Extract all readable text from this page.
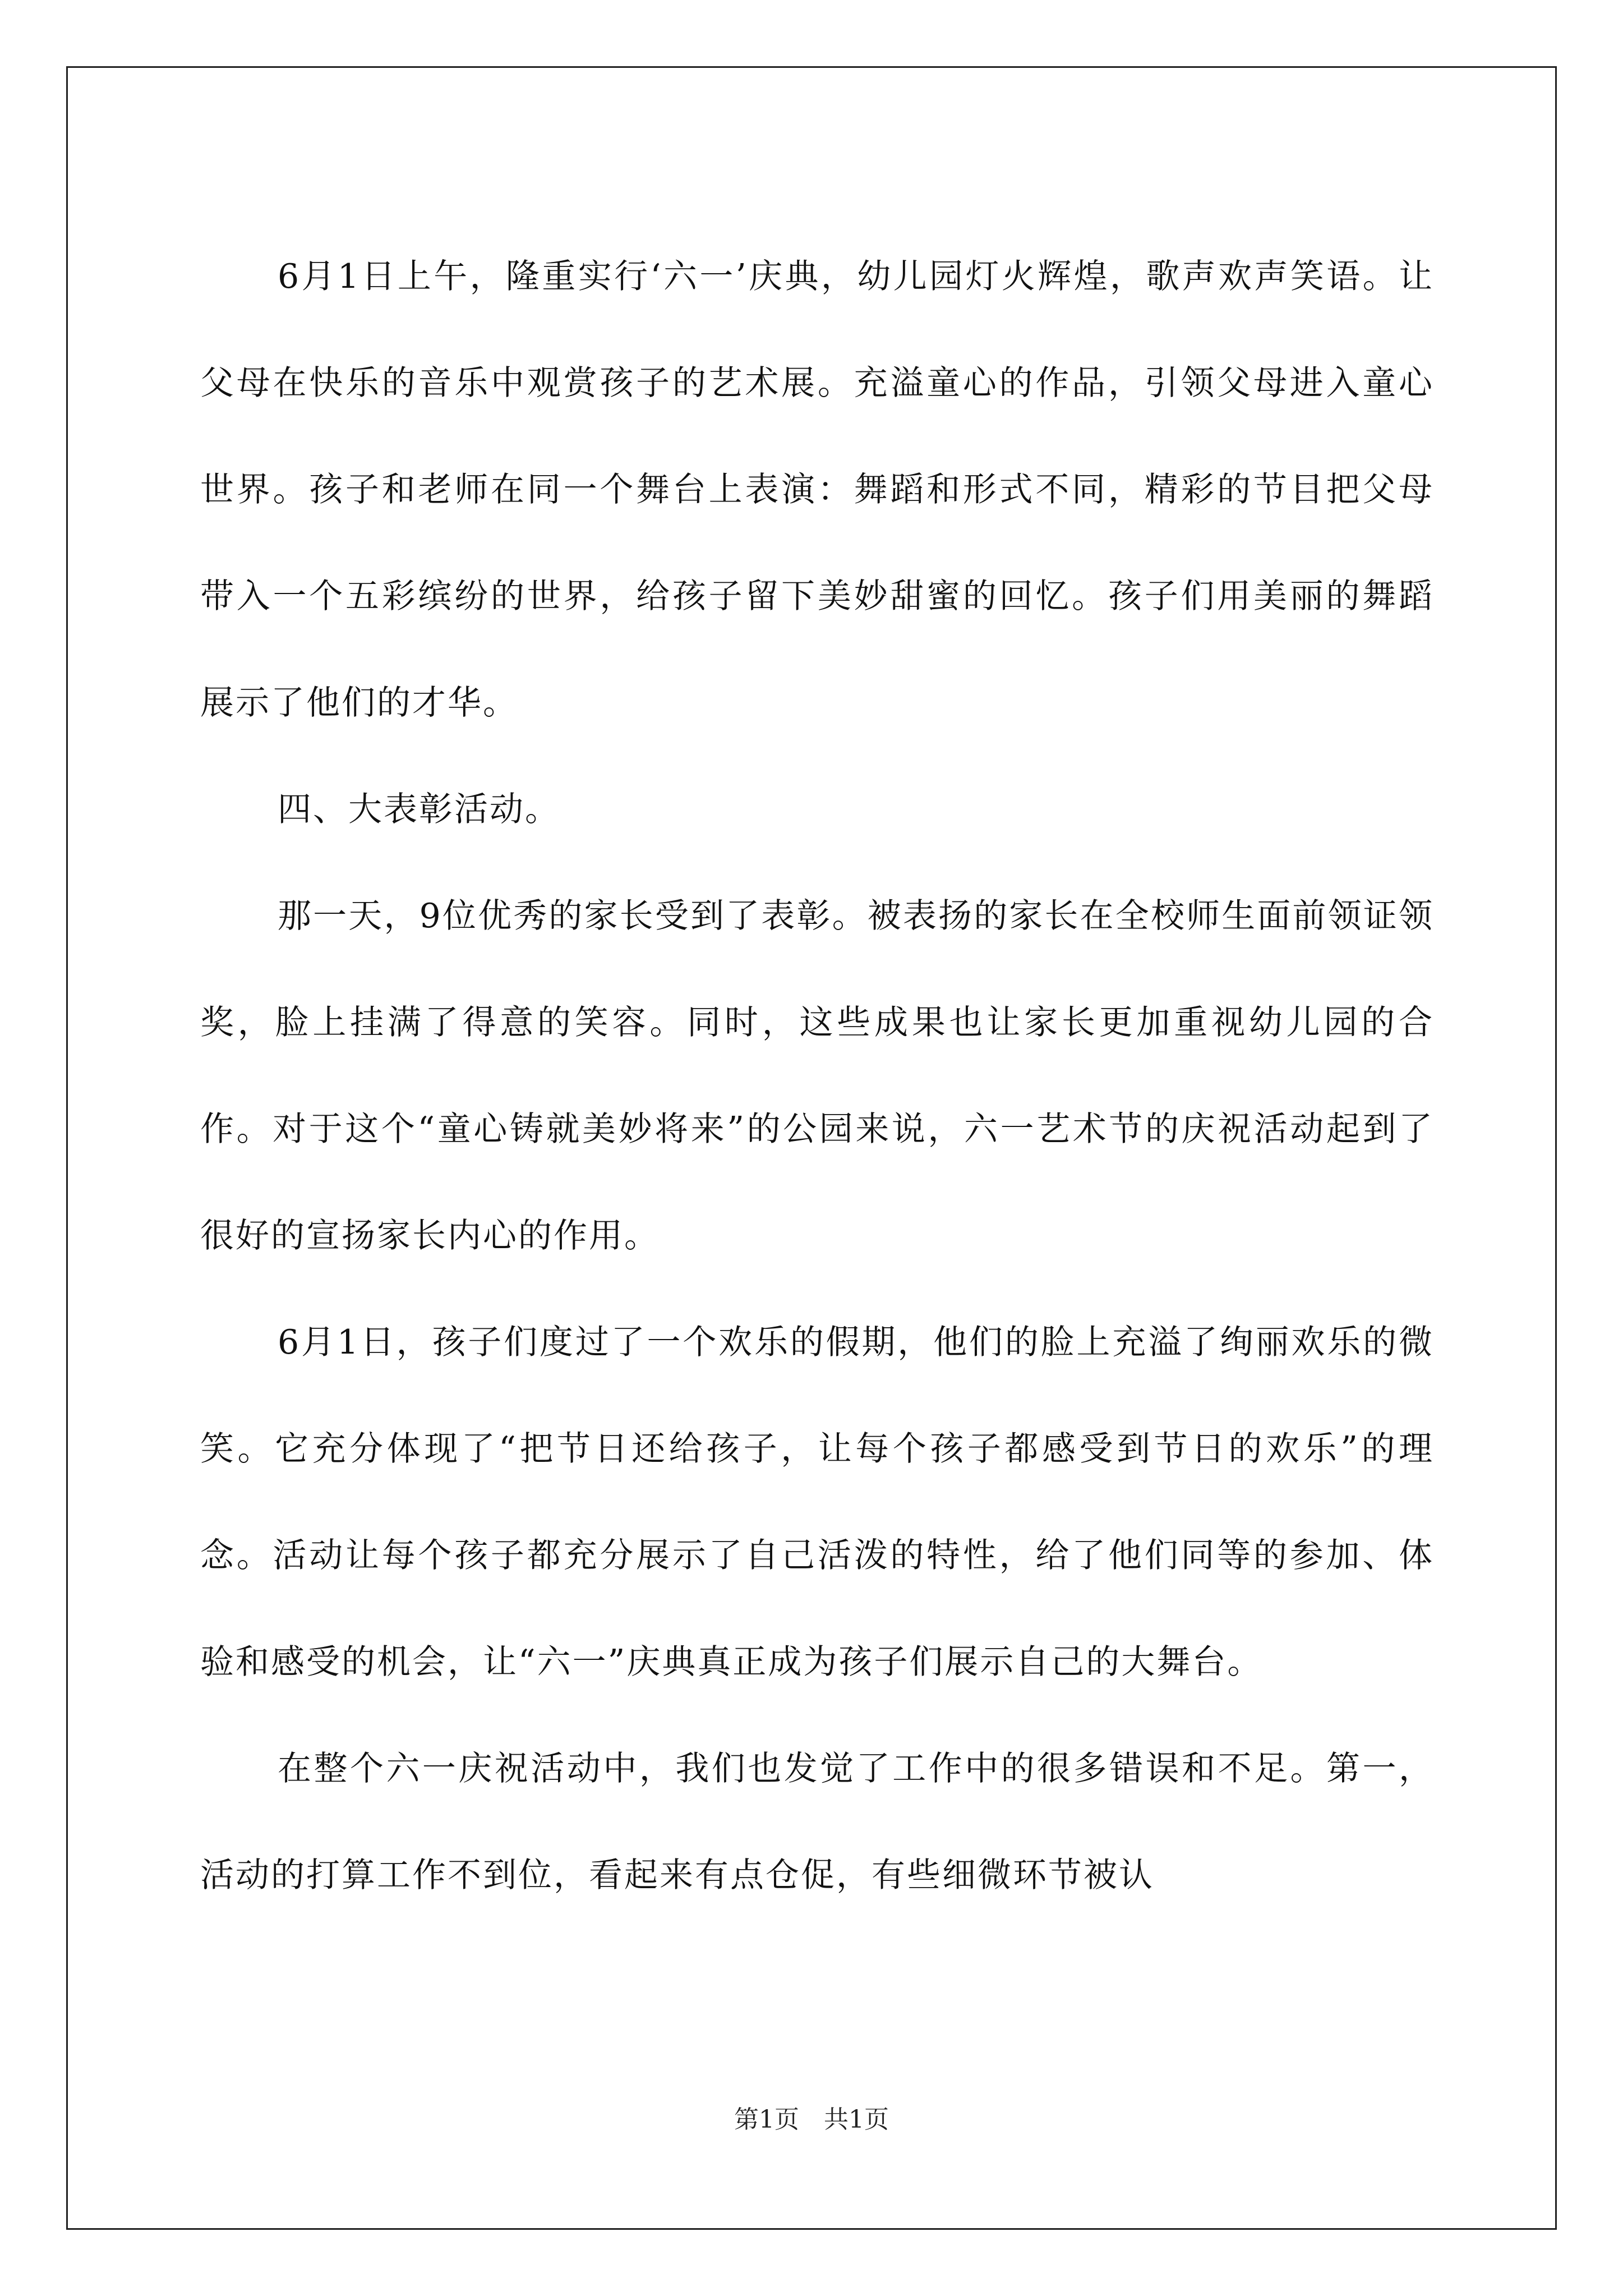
6月1日上午，隆重实行‘六一’庆典，幼儿园灯火辉煌，歌声欢声笑语。让父母在快乐的音乐中观赏孩子的艺术展。充溢童心的作品，引领父母进入童心世界。孩子和老师在同一个舞台上表演：舞蹈和形式不同，精彩的节目把父母带入一个五彩缤纷的世界，给孩子留下美妙甜蜜的回忆。孩子们用美丽的舞蹈展示了他们的才华。

四、大表彰活动。

那一天，9位优秀的家长受到了表彰。被表扬的家长在全校师生面前领证领奖，脸上挂满了得意的笑容。同时，这些成果也让家长更加重视幼儿园的合作。对于这个“童心铸就美妙将来”的公园来说，六一艺术节的庆祝活动起到了很好的宣扬家长内心的作用。

6月1日，孩子们度过了一个欢乐的假期，他们的脸上充溢了绚丽欢乐的微笑。它充分体现了“把节日还给孩子，让每个孩子都感受到节日的欢乐”的理念。活动让每个孩子都充分展示了自己活泼的特性，给了他们同等的参加、体验和感受的机会，让“六一”庆典真正成为孩子们展示自己的大舞台。

在整个六一庆祝活动中，我们也发觉了工作中的很多错误和不足。第一，活动的打算工作不到位，看起来有点仓促，有些细微环节被认

第1页　共1页
